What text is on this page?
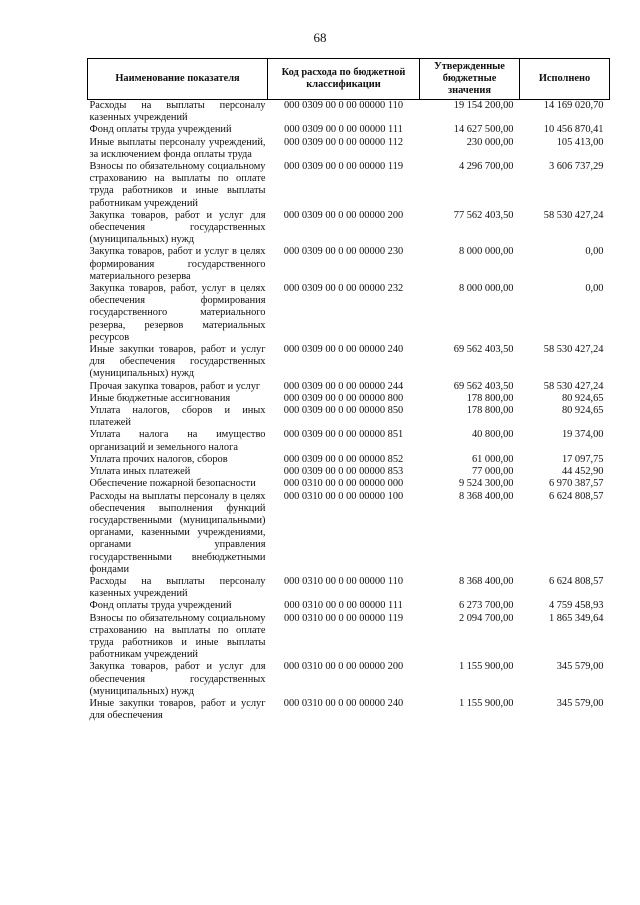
68
Наименование показателя	Код расхода по бюджетной классификации	Утвержденные бюджетные значения	Исполнено
Расходы на выплаты персоналу казенных учреждений	000 0309 00 0 00 00000 110	19 154 200,00	14 169 020,70
Фонд оплаты труда учреждений	000 0309 00 0 00 00000 111	14 627 500,00	10 456 870,41
Иные выплаты персоналу учреждений, за исключением фонда оплаты труда	000 0309 00 0 00 00000 112	230 000,00	105 413,00
Взносы по обязательному социальному страхованию на выплаты по оплате труда работников и иные выплаты работникам учреждений	000 0309 00 0 00 00000 119	4 296 700,00	3 606 737,29
Закупка товаров, работ и услуг для обеспечения государственных (муниципальных) нужд	000 0309 00 0 00 00000 200	77 562 403,50	58 530 427,24
Закупка товаров, работ и услуг в целях формирования государственного материального резерва	000 0309 00 0 00 00000 230	8 000 000,00	0,00
Закупка товаров, работ, услуг в целях обеспечения формирования государственного материального резерва, резервов материальных ресурсов	000 0309 00 0 00 00000 232	8 000 000,00	0,00
Иные закупки товаров, работ и услуг для обеспечения государственных (муниципальных) нужд	000 0309 00 0 00 00000 240	69 562 403,50	58 530 427,24
Прочая закупка товаров, работ и услуг	000 0309 00 0 00 00000 244	69 562 403,50	58 530 427,24
Иные бюджетные ассигнования	000 0309 00 0 00 00000 800	178 800,00	80 924,65
Уплата налогов, сборов и иных платежей	000 0309 00 0 00 00000 850	178 800,00	80 924,65
Уплата налога на имущество организаций и земельного налога	000 0309 00 0 00 00000 851	40 800,00	19 374,00
Уплата прочих налогов, сборов	000 0309 00 0 00 00000 852	61 000,00	17 097,75
Уплата иных платежей	000 0309 00 0 00 00000 853	77 000,00	44 452,90
Обеспечение пожарной безопасности	000 0310 00 0 00 00000 000	9 524 300,00	6 970 387,57
Расходы на выплаты персоналу в целях обеспечения выполнения функций государственными (муниципальными) органами, казенными учреждениями, органами управления государственными внебюджетными фондами	000 0310 00 0 00 00000 100	8 368 400,00	6 624 808,57
Расходы на выплаты персоналу казенных учреждений	000 0310 00 0 00 00000 110	8 368 400,00	6 624 808,57
Фонд оплаты труда учреждений	000 0310 00 0 00 00000 111	6 273 700,00	4 759 458,93
Взносы по обязательному социальному страхованию на выплаты по оплате труда работников и иные выплаты работникам учреждений	000 0310 00 0 00 00000 119	2 094 700,00	1 865 349,64
Закупка товаров, работ и услуг для обеспечения государственных (муниципальных) нужд	000 0310 00 0 00 00000 200	1 155 900,00	345 579,00
Иные закупки товаров, работ и услуг для обеспечения	000 0310 00 0 00 00000 240	1 155 900,00	345 579,00
